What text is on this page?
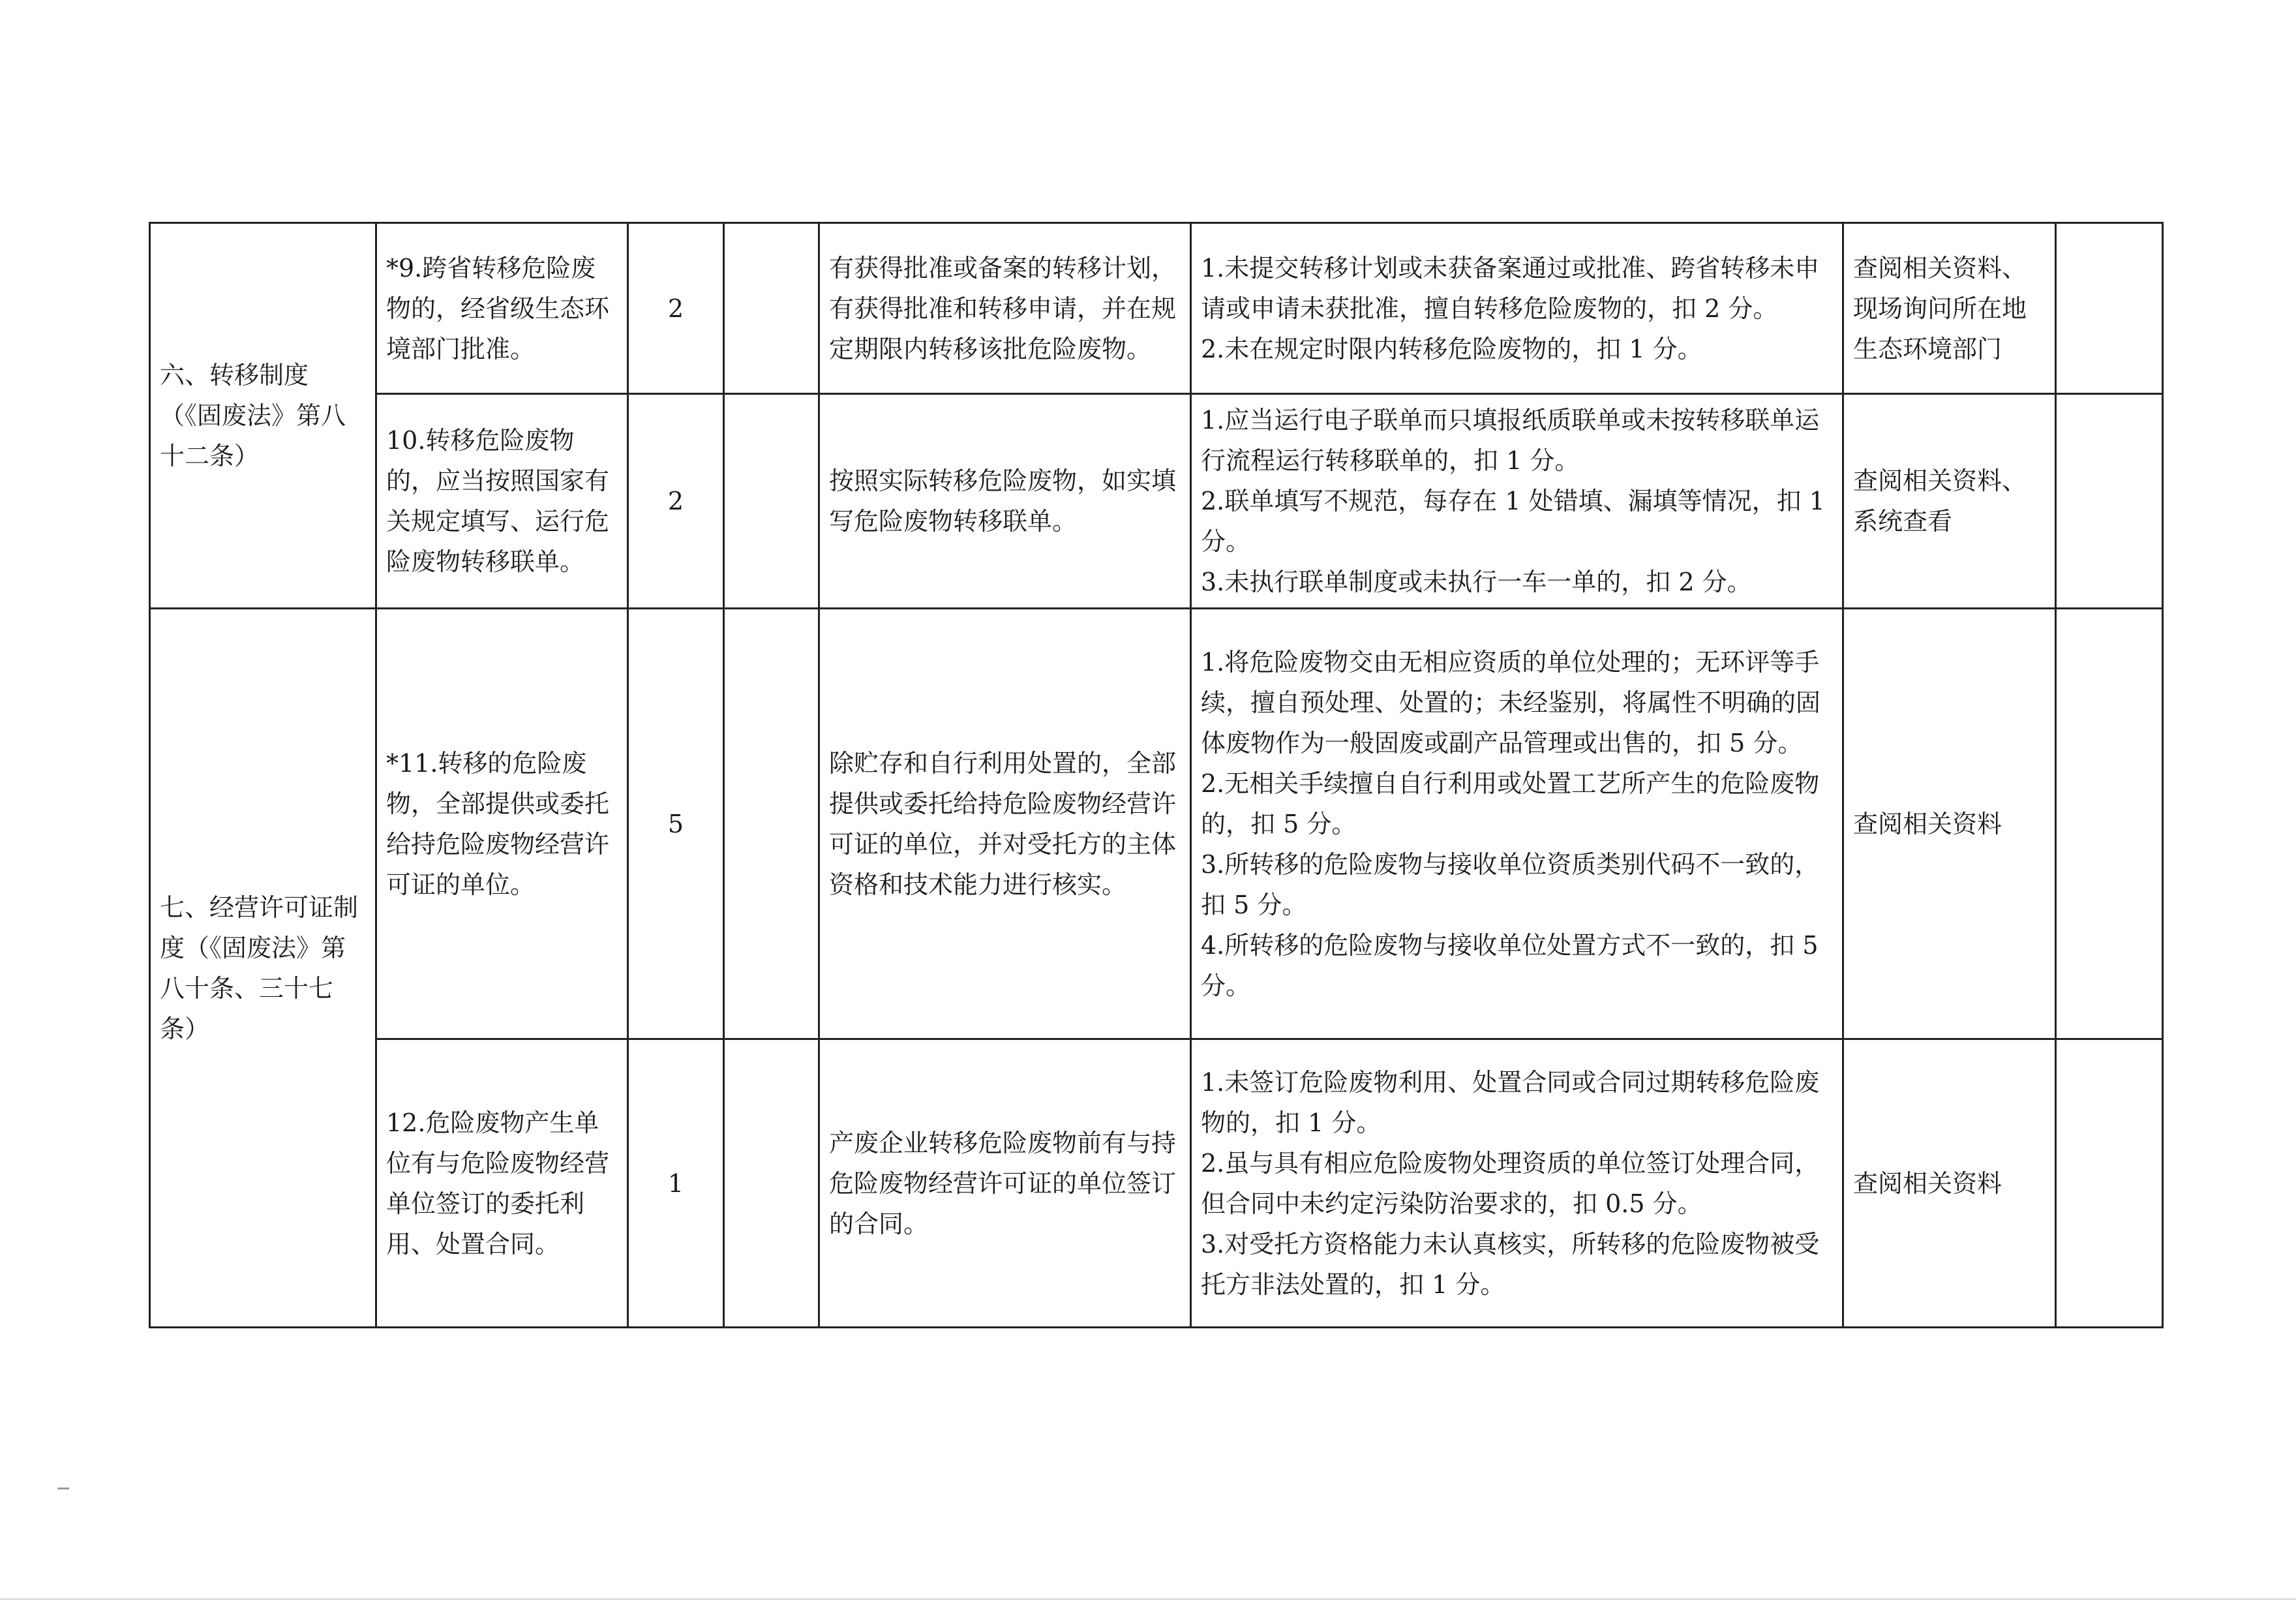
六、转移制度（《固废法》第八十二条）	*9.跨省转移危险废物的，经省级生态环境部门批准。	2		有获得批准或备案的转移计划，有获得批准和转移申请，并在规定期限内转移该批危险废物。	1.未提交转移计划或未获备案通过或批准、跨省转移未申请或申请未获批准，擅自转移危险废物的，扣 2 分。
2.未在规定时限内转移危险废物的，扣 1 分。	查阅相关资料、现场询问所在地生态环境部门	
	10.转移危险废物的，应当按照国家有关规定填写、运行危险废物转移联单。	2		按照实际转移危险废物，如实填写危险废物转移联单。	1.应当运行电子联单而只填报纸质联单或未按转移联单运行流程运行转移联单的，扣 1 分。
2.联单填写不规范，每存在 1 处错填、漏填等情况，扣 1 分。
3.未执行联单制度或未执行一车一单的，扣 2 分。	查阅相关资料、系统查看	
七、经营许可证制度（《固废法》第八十条、三十七条）	*11.转移的危险废物，全部提供或委托给持危险废物经营许可证的单位。	5		除贮存和自行利用处置的，全部提供或委托给持危险废物经营许可证的单位，并对受托方的主体资格和技术能力进行核实。	1.将危险废物交由无相应资质的单位处理的；无环评等手续，擅自预处理、处置的；未经鉴别，将属性不明确的固体废物作为一般固废或副产品管理或出售的，扣 5 分。
2.无相关手续擅自自行利用或处置工艺所产生的危险废物的，扣 5 分。
3.所转移的危险废物与接收单位资质类别代码不一致的，扣 5 分。
4.所转移的危险废物与接收单位处置方式不一致的，扣 5 分。	查阅相关资料	
	12.危险废物产生单位有与危险废物经营单位签订的委托利用、处置合同。	1		产废企业转移危险废物前有与持危险废物经营许可证的单位签订的合同。	1.未签订危险废物利用、处置合同或合同过期转移危险废物的，扣 1 分。
2.虽与具有相应危险废物处理资质的单位签订处理合同，但合同中未约定污染防治要求的，扣 0.5 分。
3.对受托方资格能力未认真核实，所转移的危险废物被受托方非法处置的，扣 1 分。	查阅相关资料	
